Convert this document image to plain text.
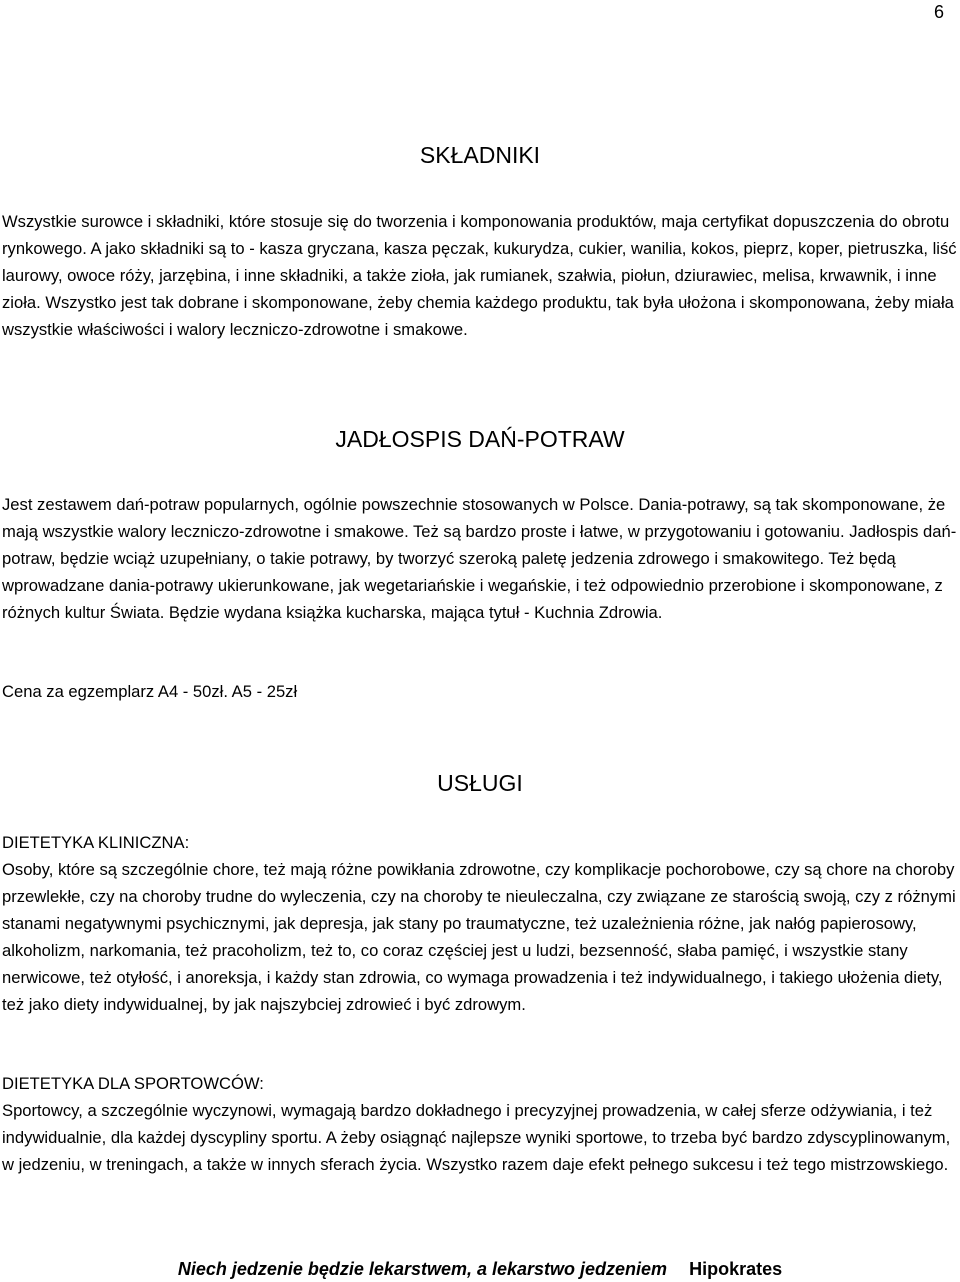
6
SKŁADNIKI
Wszystkie surowce i składniki, które stosuje się do tworzenia i komponowania produktów, maja certyfikat dopuszczenia do obrotu rynkowego. A jako składniki są to - kasza gryczana, kasza pęczak, kukurydza, cukier, wanilia, kokos, pieprz, koper, pietruszka, liść laurowy, owoce róży, jarzębina, i inne składniki, a także zioła, jak rumianek, szałwia, piołun, dziurawiec, melisa, krwawnik, i inne zioła. Wszystko jest tak dobrane i skomponowane, żeby chemia każdego produktu, tak była ułożona i skomponowana, żeby miała wszystkie właściwości i walory leczniczo-zdrowotne i smakowe.
JADŁOSPIS DAŃ-POTRAW
Jest zestawem dań-potraw popularnych, ogólnie powszechnie stosowanych w Polsce. Dania-potrawy, są tak skomponowane, że mają wszystkie walory leczniczo-zdrowotne i smakowe. Też są bardzo proste i łatwe, w przygotowaniu i gotowaniu. Jadłospis dań-potraw, będzie wciąż uzupełniany, o takie potrawy, by tworzyć szeroką paletę jedzenia zdrowego i smakowitego. Też będą wprowadzane dania-potrawy ukierunkowane, jak wegetariańskie i wegańskie, i też odpowiednio przerobione i skomponowane, z różnych kultur Świata. Będzie wydana książka kucharska, mająca tytuł - Kuchnia Zdrowia.
Cena za egzemplarz A4 - 50zł. A5 - 25zł
USŁUGI
DIETETYKA KLINICZNA:
Osoby, które są szczególnie chore, też mają różne powikłania zdrowotne, czy komplikacje pochorobowe, czy są chore na choroby przewlekłe, czy na choroby trudne do wyleczenia, czy na choroby te nieuleczalna, czy związane ze starością swoją, czy z różnymi stanami negatywnymi psychicznymi, jak depresja, jak stany po traumatyczne, też uzależnienia różne, jak nałóg papierosowy, alkoholizm, narkomania, też pracoholizm, też to, co coraz częściej jest u ludzi, bezsenność, słaba pamięć, i wszystkie stany nerwicowe, też otyłość, i anoreksja, i każdy stan zdrowia, co wymaga prowadzenia i też indywidualnego, i takiego ułożenia diety, też jako diety indywidualnej, by jak najszybciej zdrowieć i być zdrowym.
DIETETYKA DLA SPORTOWCÓW:
Sportowcy, a szczególnie wyczynowi, wymagają bardzo dokładnego i precyzyjnej prowadzenia, w całej sferze odżywiania, i też indywidualnie, dla każdej dyscypliny sportu. A żeby osiągnąć najlepsze wyniki sportowe, to trzeba być bardzo zdyscyplinowanym, w jedzeniu, w treningach, a także w innych sferach życia. Wszystko razem daje efekt pełnego sukcesu i też tego mistrzowskiego.
Niech jedzenie będzie lekarstwem, a lekarstwo jedzeniem Hipokrates
